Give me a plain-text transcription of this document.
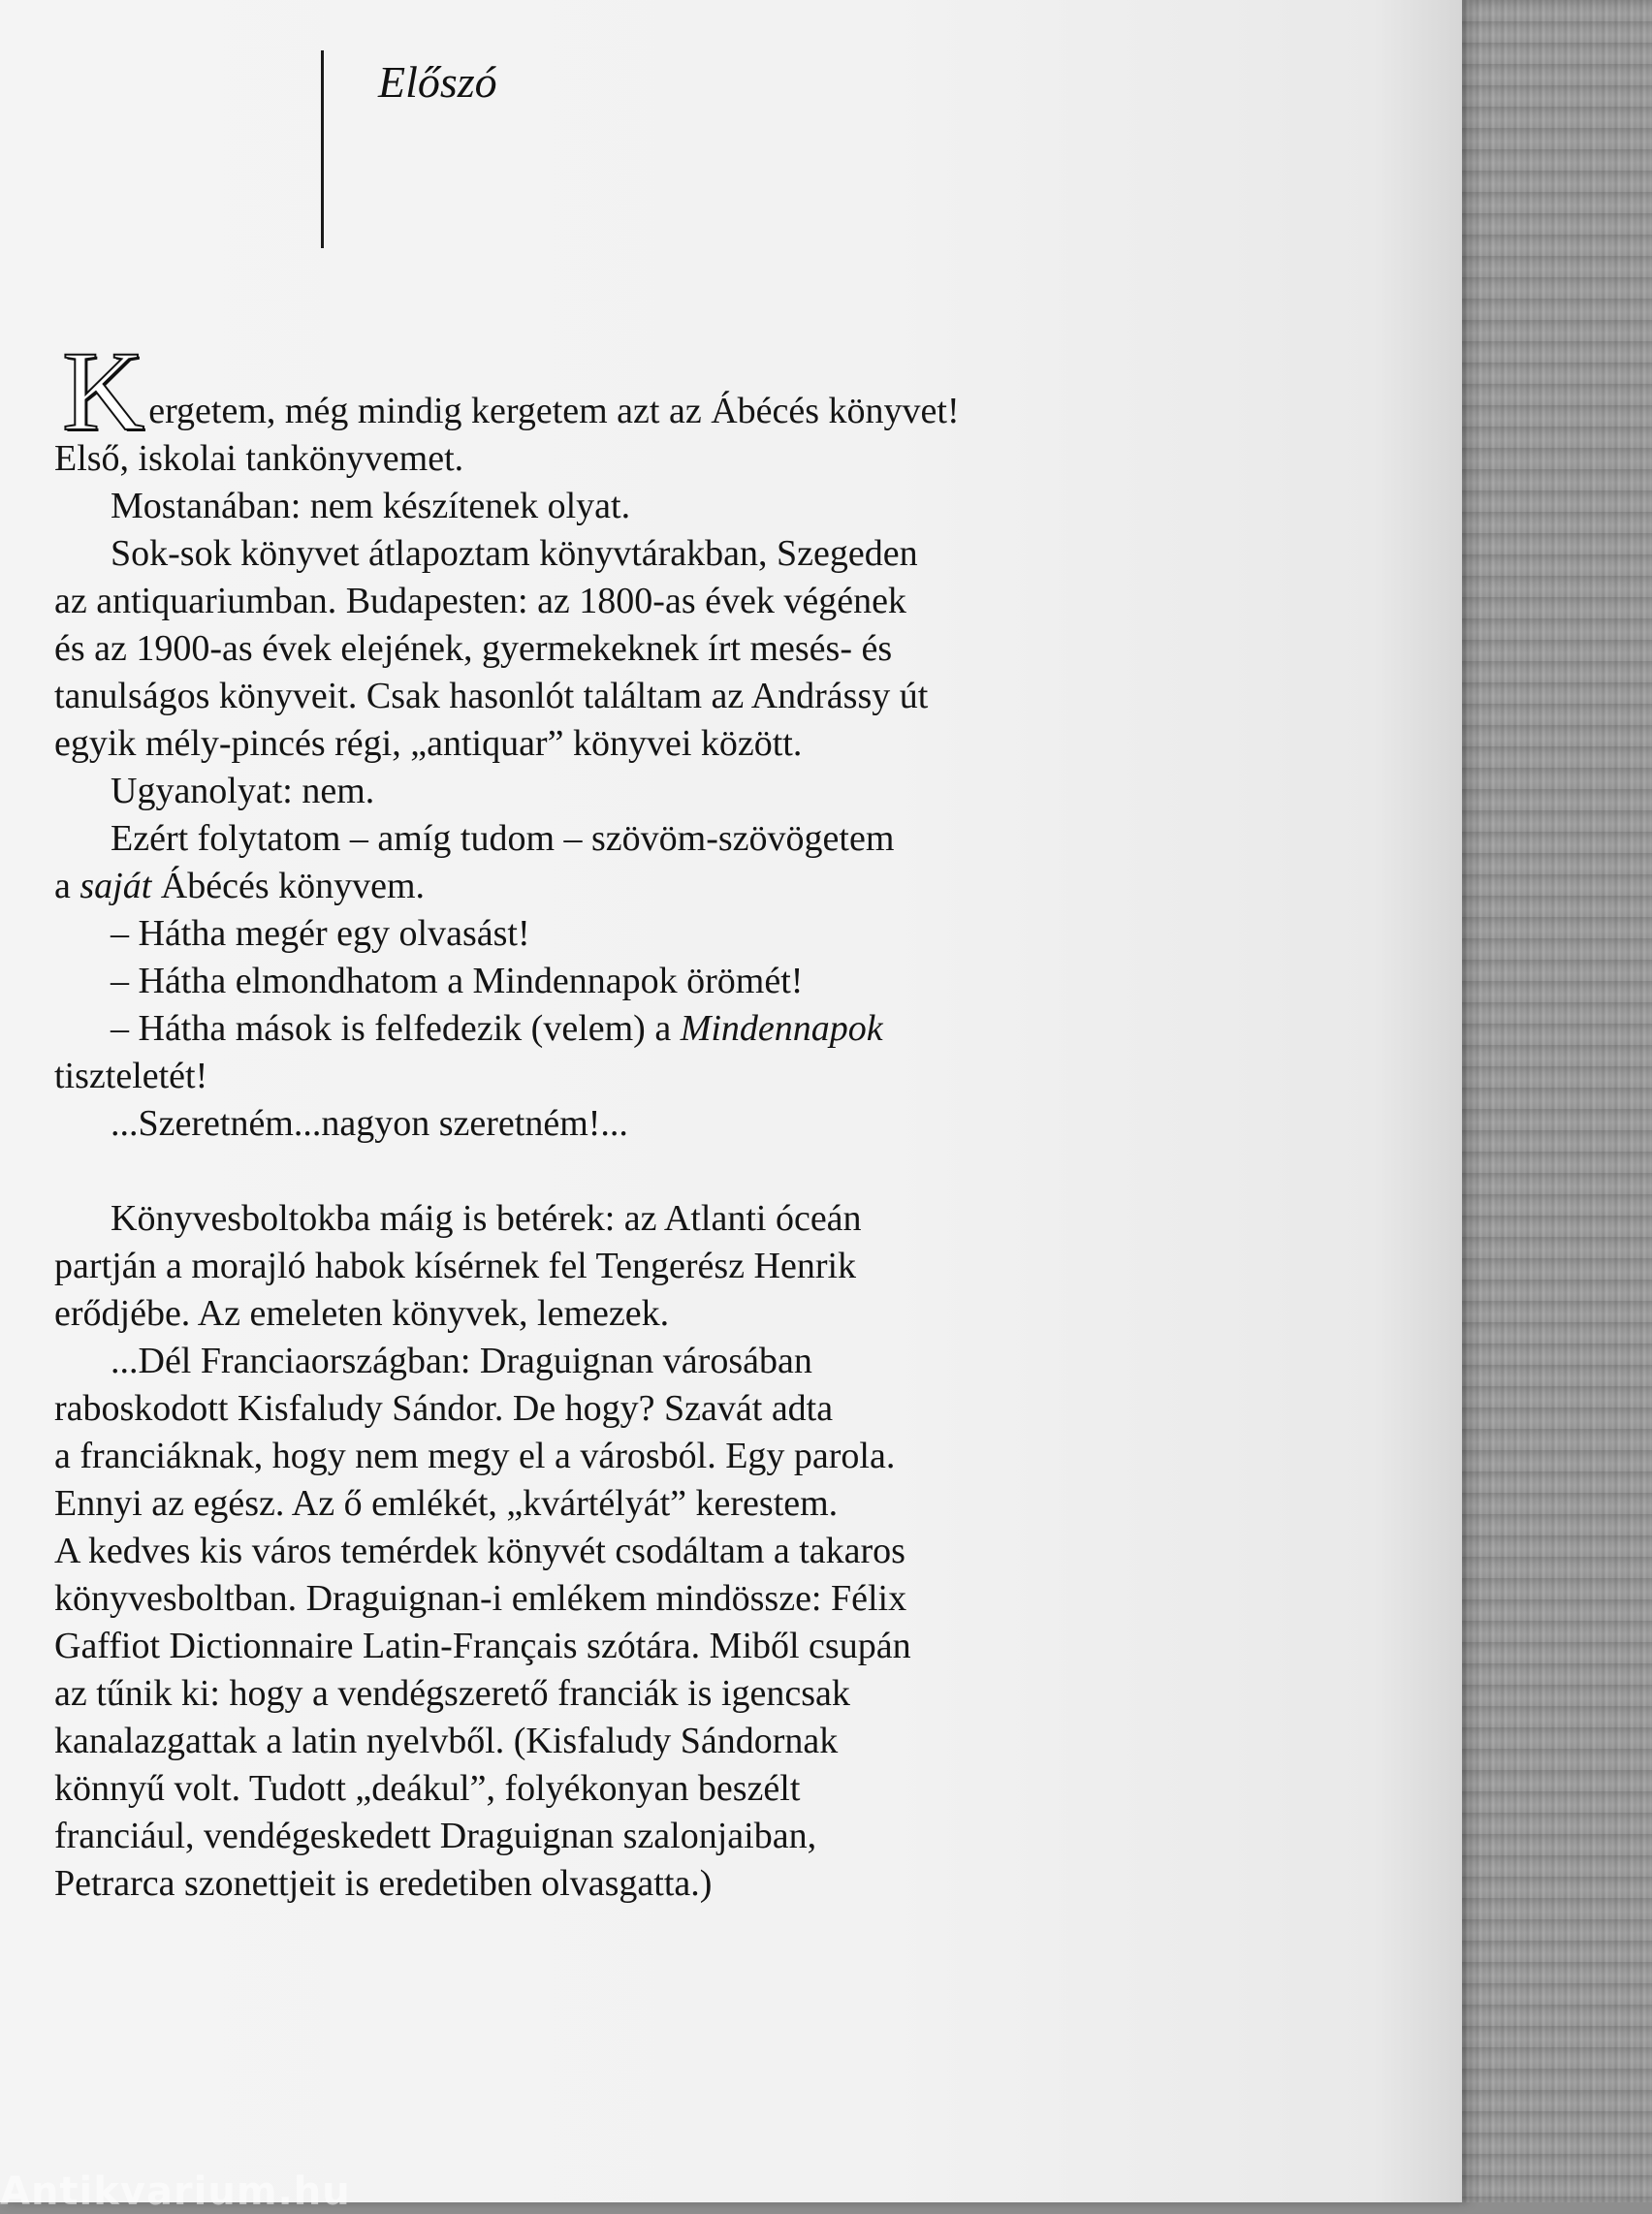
Előszó

K ergetem, még mindig kergetem azt az Ábécés könyvet!

Első, iskolai tankönyvemet.

Mostanában: nem készítenek olyat.

Sok-sok könyvet átlapoztam könyvtárakban, Szegeden

az antiquariumban. Budapesten: az 1800-as évek végének

és az 1900-as évek elejének, gyermekeknek írt mesés- és

tanulságos könyveit. Csak hasonlót találtam az Andrássy út

egyik mély-pincés régi, „antiquar” könyvei között.

Ugyanolyat: nem.

Ezért folytatom – amíg tudom – szövöm-szövögetem

a saját Ábécés könyvem.

– Hátha megér egy olvasást!

– Hátha elmondhatom a Mindennapok örömét!

– Hátha mások is felfedezik (velem) a Mindennapok

tiszteletét!

...Szeretném...nagyon szeretném!...

Könyvesboltokba máig is betérek: az Atlanti óceán

partján a morajló habok kísérnek fel Tengerész Henrik

erődjébe. Az emeleten könyvek, lemezek.

...Dél Franciaországban: Draguignan városában

raboskodott Kisfaludy Sándor. De hogy? Szavát adta

a franciáknak, hogy nem megy el a városból. Egy parola.

Ennyi az egész. Az ő emlékét, „kvártélyát” kerestem.

A kedves kis város temérdek könyvét csodáltam a takaros

könyvesboltban. Draguignan-i emlékem mindössze: Félix

Gaffiot Dictionnaire Latin-Français szótára. Miből csupán

az tűnik ki: hogy a vendégszerető franciák is igencsak

kanalazgattak a latin nyelvből. (Kisfaludy Sándornak

könnyű volt. Tudott „deákul”, folyékonyan beszélt

franciául, vendégeskedett Draguignan szalonjaiban,

Petrarca szonettjeit is eredetiben olvasgatta.)

Antikvarium.hu
